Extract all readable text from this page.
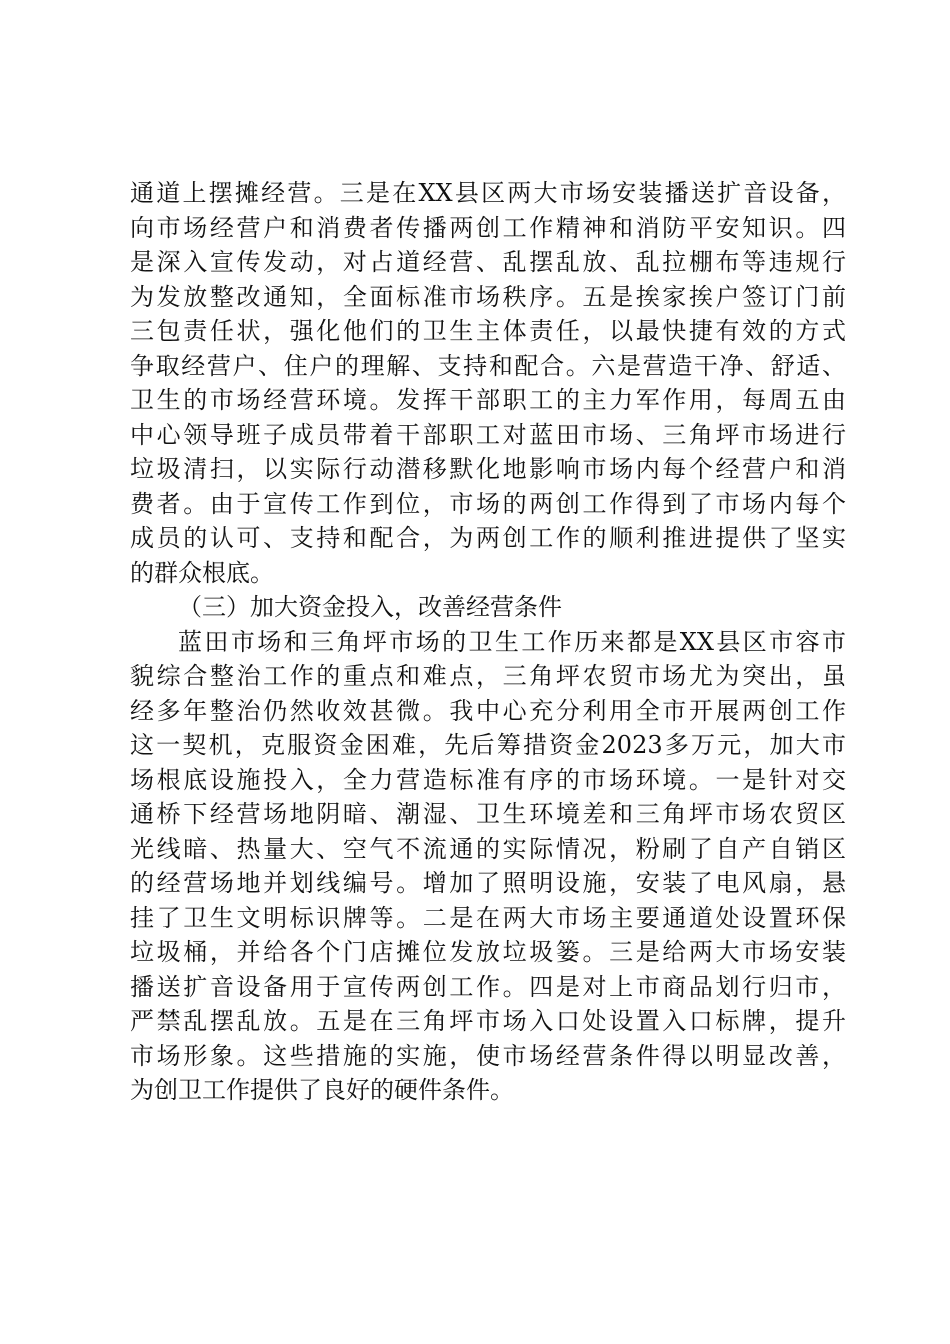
通道上摆摊经营。三是在XX县区两大市场安装播送扩音设备，
向市场经营户和消费者传播两创工作精神和消防平安知识。四
是深入宣传发动，对占道经营、乱摆乱放、乱拉棚布等违规行
为发放整改通知，全面标准市场秩序。五是挨家挨户签订门前
三包责任状，强化他们的卫生主体责任，以最快捷有效的方式
争取经营户、住户的理解、支持和配合。六是营造干净、舒适、
卫生的市场经营环境。发挥干部职工的主力军作用，每周五由
中心领导班子成员带着干部职工对蓝田市场、三角坪市场进行
垃圾清扫，以实际行动潜移默化地影响市场内每个经营户和消
费者。由于宣传工作到位，市场的两创工作得到了市场内每个
成员的认可、支持和配合，为两创工作的顺利推进提供了坚实
的群众根底。
（三）加大资金投入，改善经营条件
蓝田市场和三角坪市场的卫生工作历来都是XX县区市容市
貌综合整治工作的重点和难点，三角坪农贸市场尤为突出，虽
经多年整治仍然收效甚微。我中心充分利用全市开展两创工作
这一契机，克服资金困难，先后筹措资金2023多万元，加大市
场根底设施投入，全力营造标准有序的市场环境。一是针对交
通桥下经营场地阴暗、潮湿、卫生环境差和三角坪市场农贸区
光线暗、热量大、空气不流通的实际情况，粉刷了自产自销区
的经营场地并划线编号。增加了照明设施，安装了电风扇，悬
挂了卫生文明标识牌等。二是在两大市场主要通道处设置环保
垃圾桶，并给各个门店摊位发放垃圾篓。三是给两大市场安装
播送扩音设备用于宣传两创工作。四是对上市商品划行归市，
严禁乱摆乱放。五是在三角坪市场入口处设置入口标牌，提升
市场形象。这些措施的实施，使市场经营条件得以明显改善，
为创卫工作提供了良好的硬件条件。
